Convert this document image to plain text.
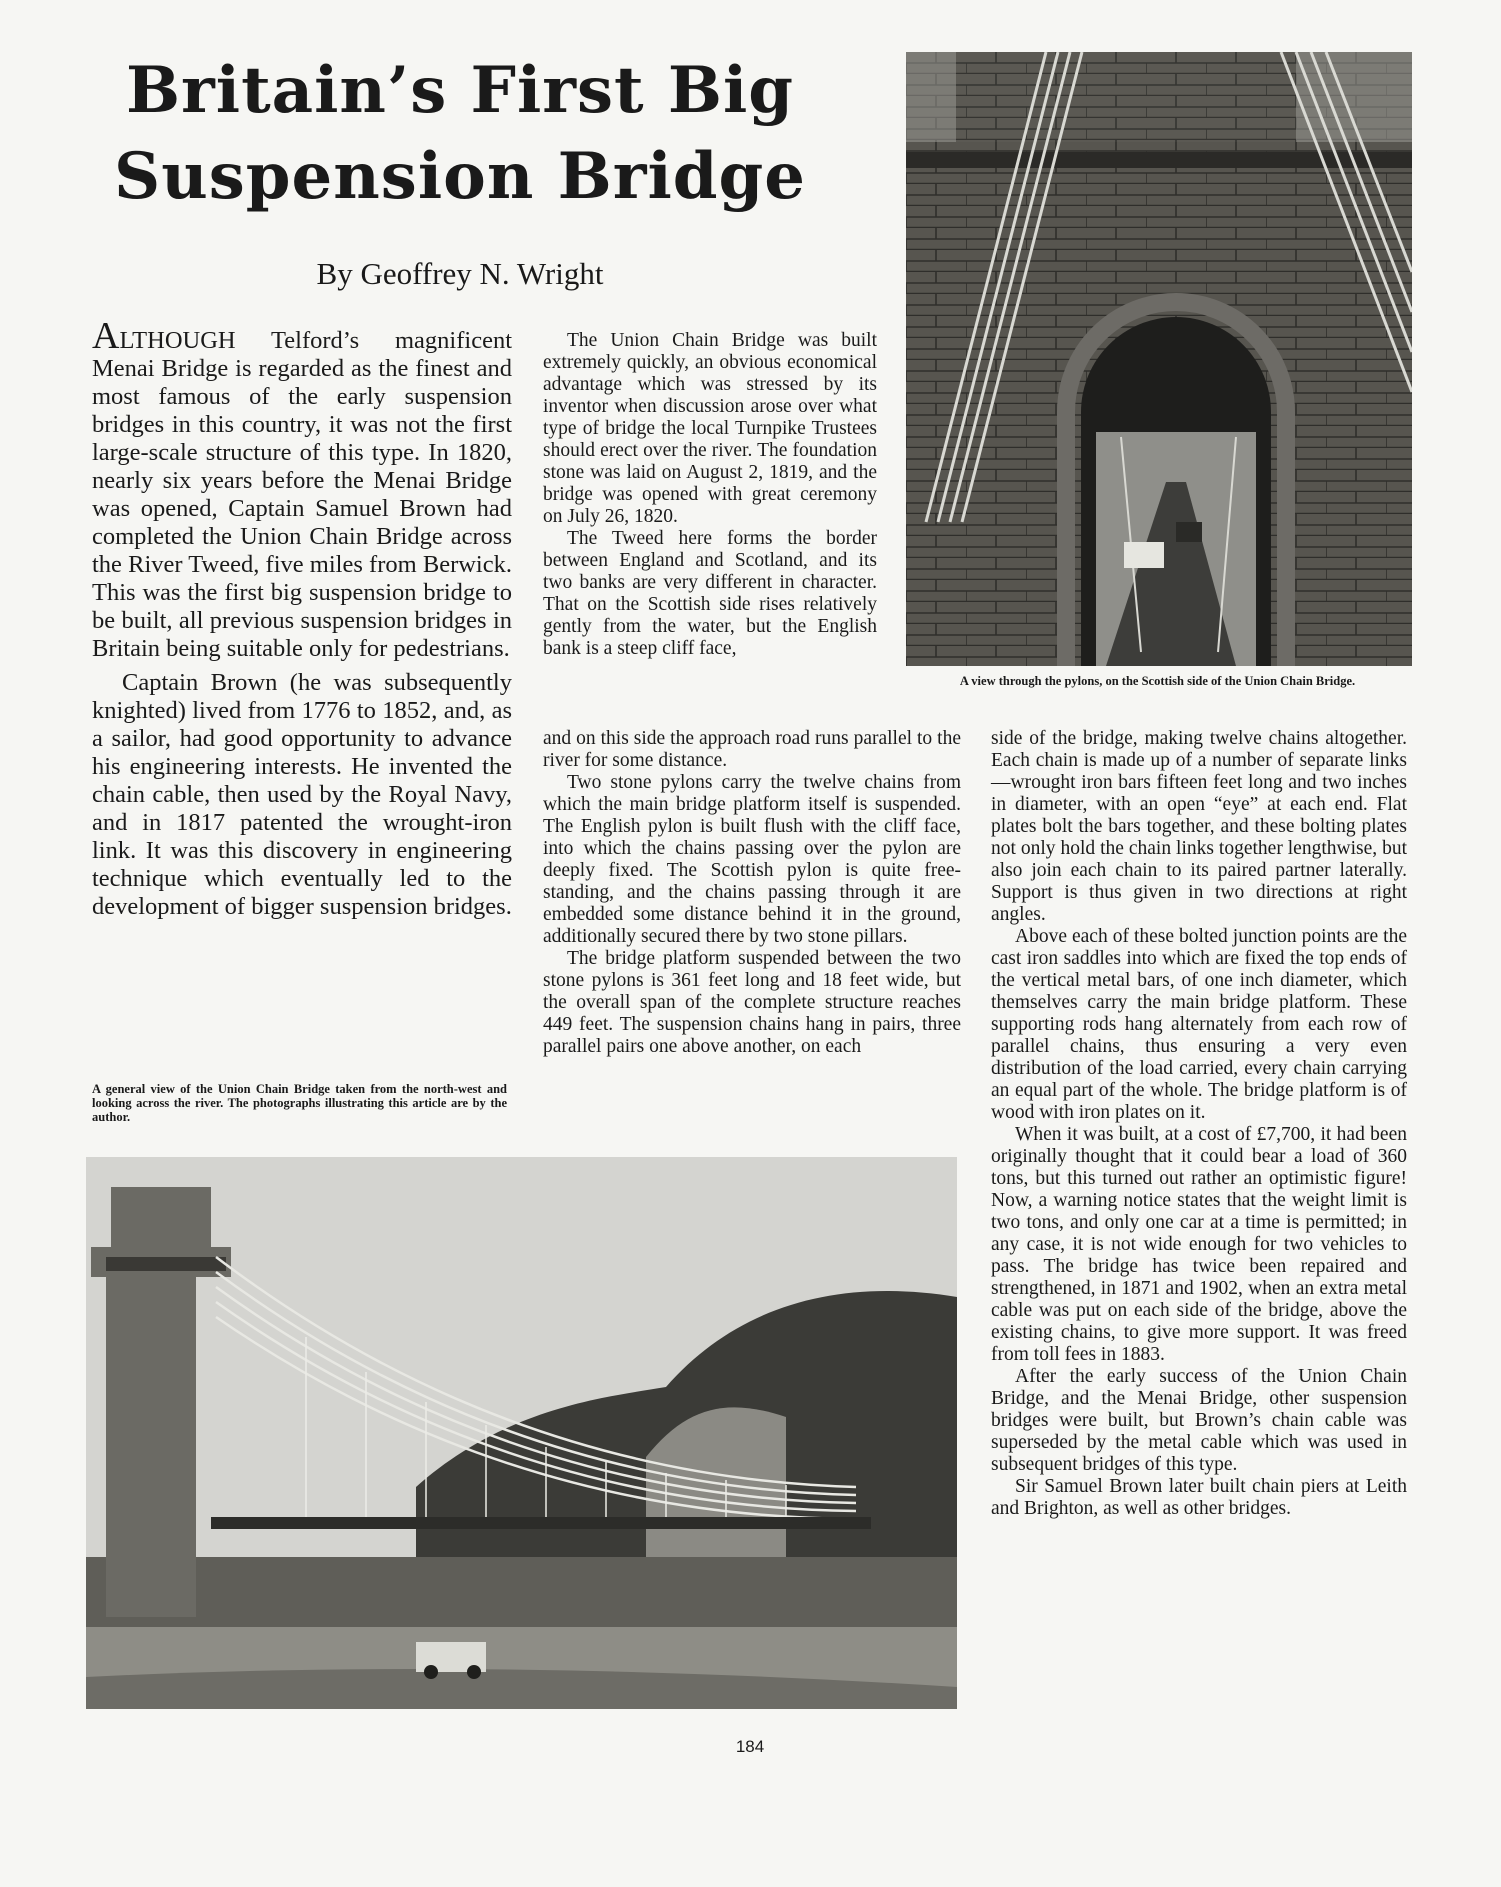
Britain’s First Big
Suspension Bridge
By Geoffrey N. Wright

ALTHOUGH Telford’s magnificent Menai Bridge is regarded as the finest and most famous of the early suspension bridges in this country, it was not the first large-scale structure of this type. In 1820, nearly six years before the Menai Bridge was opened, Captain Samuel Brown had completed the Union Chain Bridge across the River Tweed, five miles from Berwick. This was the first big suspension bridge to be built, all previous suspension bridges in Britain being suitable only for pedestrians.

Captain Brown (he was subsequently knighted) lived from 1776 to 1852, and, as a sailor, had good opportunity to advance his engineering interests. He invented the chain cable, then used by the Royal Navy, and in 1817 patented the wrought-iron link. It was this discovery in engineering technique which eventually led to the development of bigger suspension bridges.

A general view of the Union Chain Bridge taken from the north-west and looking across the river. The photographs illustrating this article are by the author.

The Union Chain Bridge was built extremely quickly, an obvious economical advantage which was stressed by its inventor when discussion arose over what type of bridge the local Turnpike Trustees should erect over the river. The foundation stone was laid on August 2, 1819, and the bridge was opened with great ceremony on July 26, 1820.

The Tweed here forms the border between England and Scotland, and its two banks are very different in character. That on the Scottish side rises relatively gently from the water, but the English bank is a steep cliff face,

and on this side the approach road runs parallel to the river for some distance.

Two stone pylons carry the twelve chains from which the main bridge platform itself is suspended. The English pylon is built flush with the cliff face, into which the chains passing over the pylon are deeply fixed. The Scottish pylon is quite free-standing, and the chains passing through it are embedded some distance behind it in the ground, additionally secured there by two stone pillars.

The bridge platform suspended between the two stone pylons is 361 feet long and 18 feet wide, but the overall span of the complete structure reaches 449 feet. The suspension chains hang in pairs, three parallel pairs one above another, on each

side of the bridge, making twelve chains altogether. Each chain is made up of a number of separate links—wrought iron bars fifteen feet long and two inches in diameter, with an open “eye” at each end. Flat plates bolt the bars together, and these bolting plates not only hold the chain links together lengthwise, but also join each chain to its paired partner laterally. Support is thus given in two directions at right angles.

Above each of these bolted junction points are the cast iron saddles into which are fixed the top ends of the vertical metal bars, of one inch diameter, which themselves carry the main bridge platform. These supporting rods hang alternately from each row of parallel chains, thus ensuring a very even distribution of the load carried, every chain carrying an equal part of the whole. The bridge platform is of wood with iron plates on it.

When it was built, at a cost of £7,700, it had been originally thought that it could bear a load of 360 tons, but this turned out rather an optimistic figure! Now, a warning notice states that the weight limit is two tons, and only one car at a time is permitted; in any case, it is not wide enough for two vehicles to pass. The bridge has twice been repaired and strengthened, in 1871 and 1902, when an extra metal cable was put on each side of the bridge, above the existing chains, to give more support. It was freed from toll fees in 1883.

After the early success of the Union Chain Bridge, and the Menai Bridge, other suspension bridges were built, but Brown’s chain cable was superseded by the metal cable which was used in subsequent bridges of this type.

Sir Samuel Brown later built chain piers at Leith and Brighton, as well as other bridges.

A view through the pylons, on the Scottish side of the Union Chain Bridge.
184
